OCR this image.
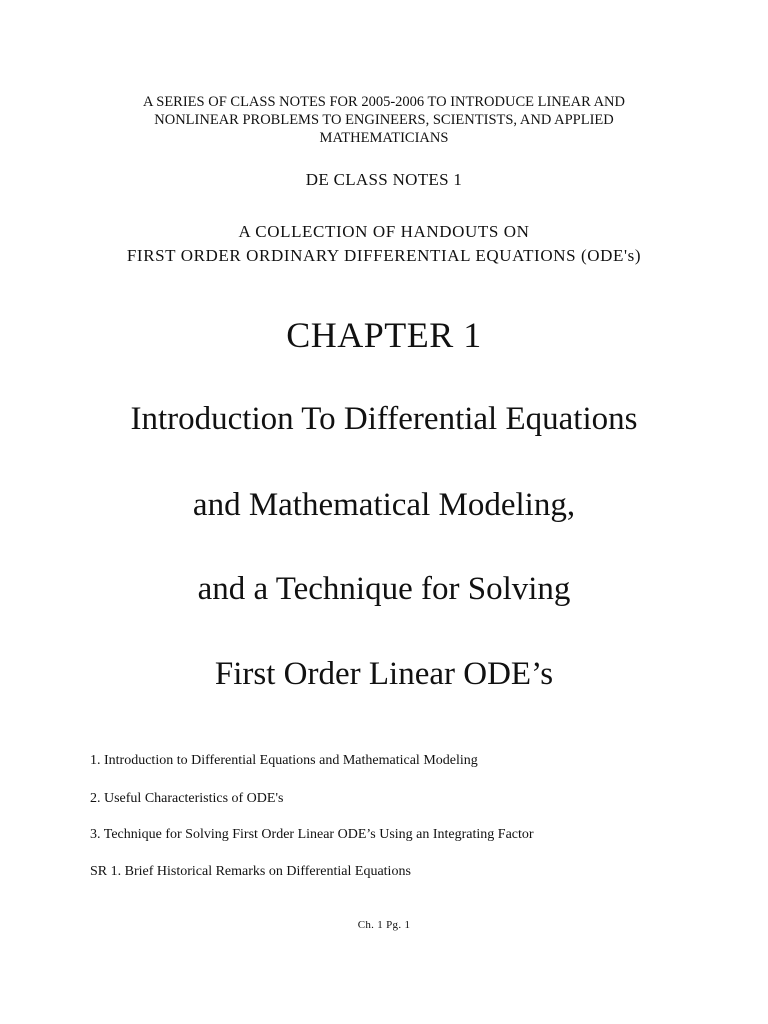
A SERIES OF CLASS NOTES FOR 2005-2006 TO INTRODUCE LINEAR AND
NONLINEAR PROBLEMS TO ENGINEERS, SCIENTISTS, AND APPLIED
MATHEMATICIANS
DE CLASS NOTES 1
A COLLECTION OF HANDOUTS ON
FIRST ORDER ORDINARY DIFFERENTIAL EQUATIONS (ODE's)
CHAPTER 1
Introduction To Differential Equations
and Mathematical Modeling,
and a Technique for Solving
First Order Linear ODE’s
1. Introduction to Differential Equations and Mathematical Modeling
2. Useful Characteristics of ODE's
3. Technique for Solving First Order Linear ODE’s Using an Integrating Factor
SR 1. Brief Historical Remarks on Differential Equations
Ch. 1 Pg. 1
